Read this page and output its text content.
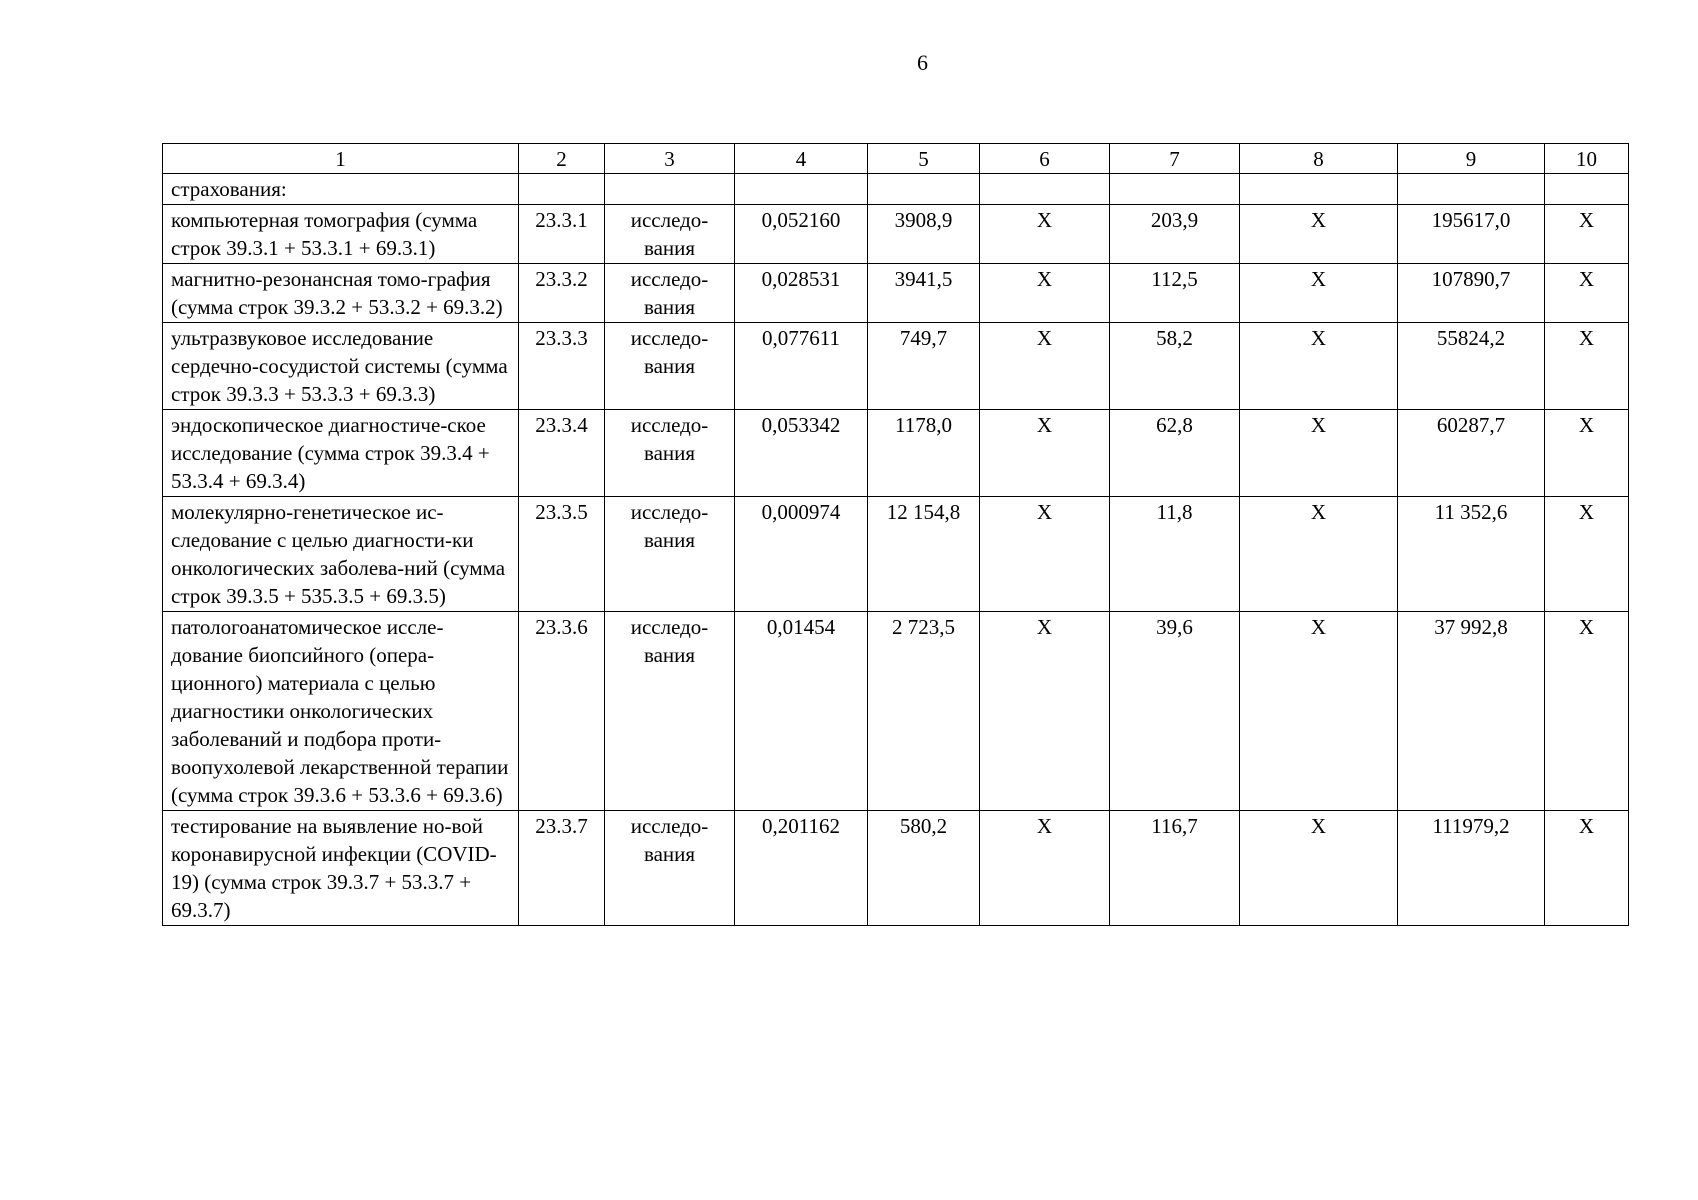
6
1	2	3	4	5	6	7	8	9	10
страхования:									
компьютерная томография (сумма строк 39.3.1 + 53.3.1 + 69.3.1)	23.3.1	исследо-вания	0,052160	3908,9	Х	203,9	Х	195617,0	Х
магнитно-резонансная томо-графия (сумма строк 39.3.2 + 53.3.2 + 69.3.2)	23.3.2	исследо-вания	0,028531	3941,5	Х	112,5	Х	107890,7	Х
ультразвуковое исследование сердечно-сосудистой системы (сумма строк 39.3.3 + 53.3.3 + 69.3.3)	23.3.3	исследо-вания	0,077611	749,7	Х	58,2	Х	55824,2	Х
эндоскопическое диагностиче-ское исследование (сумма строк 39.3.4 + 53.3.4 + 69.3.4)	23.3.4	исследо-вания	0,053342	1178,0	Х	62,8	Х	60287,7	Х
молекулярно-генетическое ис-следование с целью диагности-ки онкологических заболева-ний (сумма строк 39.3.5 + 535.3.5 + 69.3.5)	23.3.5	исследо-вания	0,000974	12 154,8	Х	11,8	Х	11 352,6	Х
патологоанатомическое иссле-дование биопсийного (опера-ционного) материала с целью диагностики онкологических заболеваний и подбора проти-воопухолевой лекарственной терапии (сумма строк 39.3.6 + 53.3.6 + 69.3.6)	23.3.6	исследо-вания	0,01454	2 723,5	Х	39,6	Х	37 992,8	Х
тестирование на выявление но-вой коронавирусной инфекции (COVID-19) (сумма строк 39.3.7 + 53.3.7 + 69.3.7)	23.3.7	исследо-вания	0,201162	580,2	Х	116,7	Х	111979,2	Х
